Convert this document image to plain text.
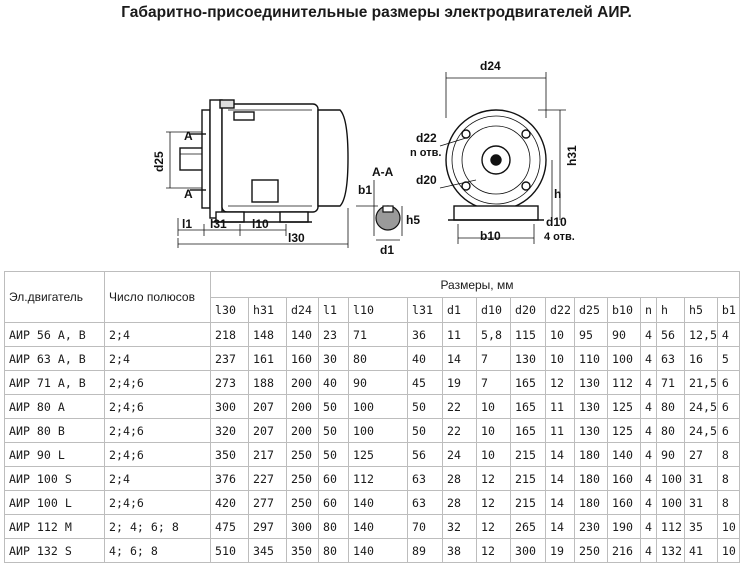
Габаритно-присоединительные размеры электродвигателей АИР.
A
A
d25
l1 l31 l10
l30
А-А
b1
h5
d1
d24
d22
n отв.
d20
h31
h
d10
4 отв.
b10
Эл.двигатель	Число полюсов	Размеры, мм															
		l30	h31	d24	l1	l10	l31	d1	d10	d20	d22	d25	b10	n	h	h5	b1
АИР 56 А, В	2;4	218	148	140	23	71	36	11	5,8	115	10	95	90	4	56	12,5	4
АИР 63 А, В	2;4	237	161	160	30	80	40	14	7	130	10	110	100	4	63	16	5
АИР 71 А, В	2;4;6	273	188	200	40	90	45	19	7	165	12	130	112	4	71	21,5	6
АИР 80 А	2;4;6	300	207	200	50	100	50	22	10	165	11	130	125	4	80	24,5	6
АИР 80 В	2;4;6	320	207	200	50	100	50	22	10	165	11	130	125	4	80	24,5	6
АИР 90 L	2;4;6	350	217	250	50	125	56	24	10	215	14	180	140	4	90	27	8
АИР 100 S	2;4	376	227	250	60	112	63	28	12	215	14	180	160	4	100	31	8
АИР 100 L	2;4;6	420	277	250	60	140	63	28	12	215	14	180	160	4	100	31	8
АИР 112 М	2; 4; 6; 8	475	297	300	80	140	70	32	12	265	14	230	190	4	112	35	10
АИР 132 S	4; 6; 8	510	345	350	80	140	89	38	12	300	19	250	216	4	132	41	10
